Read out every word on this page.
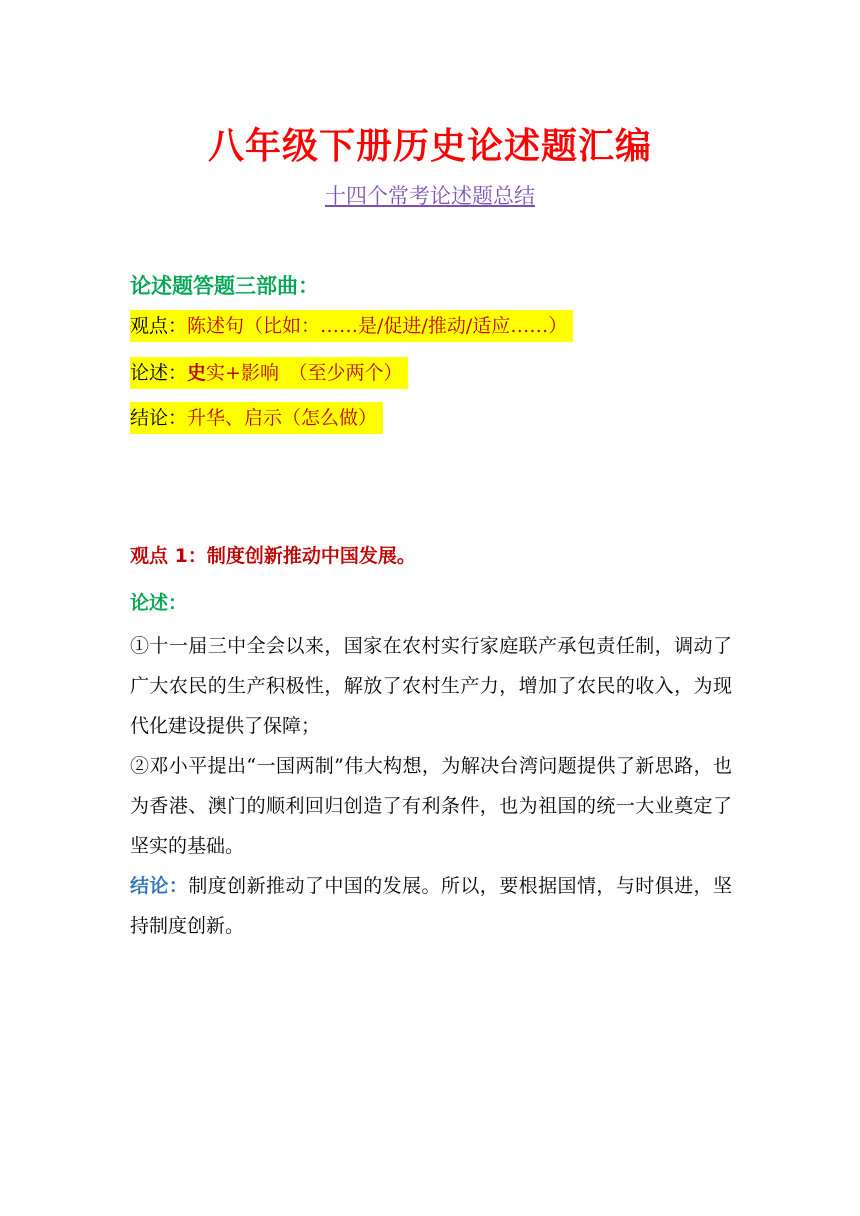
八年级下册历史论述题汇编
十四个常考论述题总结
论述题答题三部曲：
观点：陈述句（比如：……是/促进/推动/适应……）
论述：史实+影响　（至少两个）
结论：升华、启示（怎么做）
观点 1：制度创新推动中国发展。
论述：
①十一届三中全会以来，国家在农村实行家庭联产承包责任制，调动了广大农民的生产积极性，解放了农村生产力，增加了农民的收入，为现代化建设提供了保障；
②邓小平提出“一国两制”伟大构想，为解决台湾问题提供了新思路，也为香港、澳门的顺利回归创造了有利条件，也为祖国的统一大业奠定了坚实的基础。
结论：制度创新推动了中国的发展。所以，要根据国情，与时俱进，坚持制度创新。
